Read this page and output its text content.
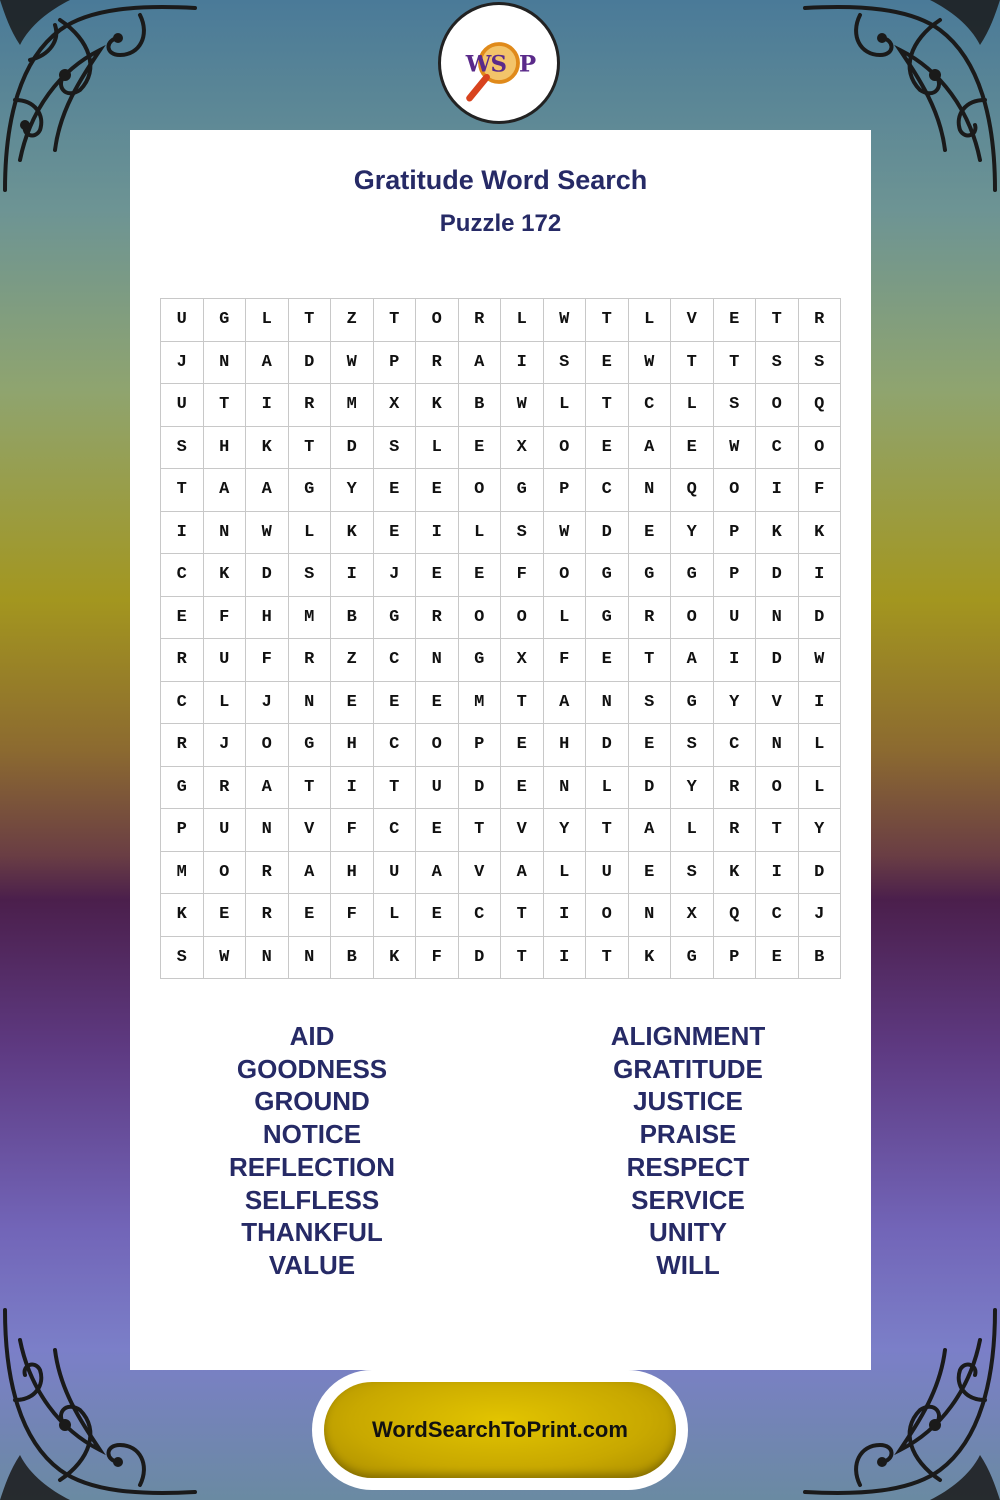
W S P
Gratitude Word Search
Puzzle 172
U	G	L	T	Z	T	O	R	L	W	T	L	V	E	T	R
J	N	A	D	W	P	R	A	I	S	E	W	T	T	S	S
U	T	I	R	M	X	K	B	W	L	T	C	L	S	O	Q
S	H	K	T	D	S	L	E	X	O	E	A	E	W	C	O
T	A	A	G	Y	E	E	O	G	P	C	N	Q	O	I	F
I	N	W	L	K	E	I	L	S	W	D	E	Y	P	K	K
C	K	D	S	I	J	E	E	F	O	G	G	G	P	D	I
E	F	H	M	B	G	R	O	O	L	G	R	O	U	N	D
R	U	F	R	Z	C	N	G	X	F	E	T	A	I	D	W
C	L	J	N	E	E	E	M	T	A	N	S	G	Y	V	I
R	J	O	G	H	C	O	P	E	H	D	E	S	C	N	L
G	R	A	T	I	T	U	D	E	N	L	D	Y	R	O	L
P	U	N	V	F	C	E	T	V	Y	T	A	L	R	T	Y
M	O	R	A	H	U	A	V	A	L	U	E	S	K	I	D
K	E	R	E	F	L	E	C	T	I	O	N	X	Q	C	J
S	W	N	N	B	K	F	D	T	I	T	K	G	P	E	B
AID
GOODNESS
GROUND
NOTICE
REFLECTION
SELFLESS
THANKFUL
VALUE
ALIGNMENT
GRATITUDE
JUSTICE
PRAISE
RESPECT
SERVICE
UNITY
WILL
WordSearchToPrint.com
